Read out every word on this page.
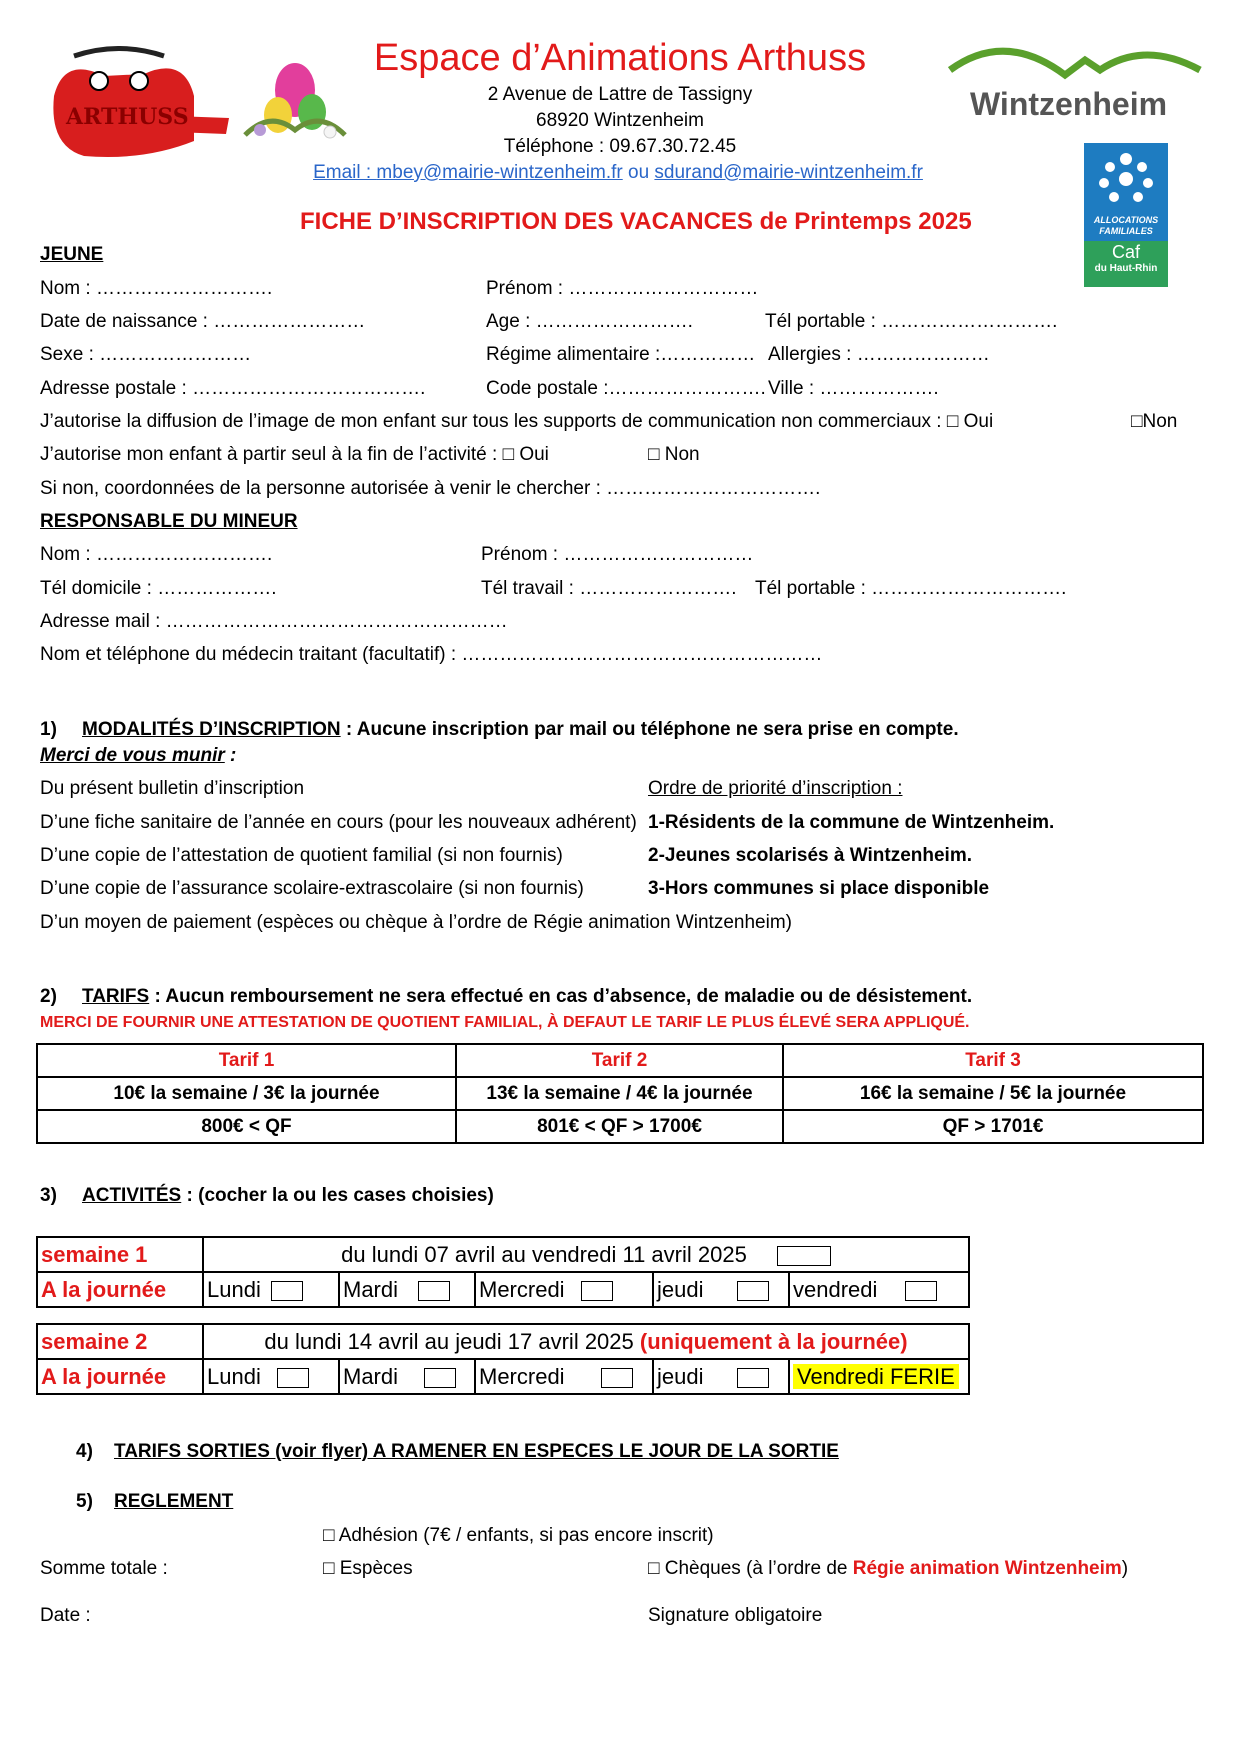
ARTHUSS	Wintzenheim
ALLOCATIONS
FAMILIALES
Caf
du Haut-Rhin
Espace d’Animations Arthuss
2 Avenue de Lattre de Tassigny
68920 Wintzenheim
Téléphone : 09.67.30.72.45
Email : mbey@mairie-wintzenheim.fr ou sdurand@mairie-wintzenheim.fr
FICHE D’INSCRIPTION DES VACANCES de Printemps 2025
JEUNE
Nom : ……………………….	Prénom : …………………………
Date de naissance : ……………………	Age : …………………….	Tél portable : ……………………….
Sexe : ……………………	Régime alimentaire :…………… Allergies : …………………
Adresse postale : ……………………………….	Code postale :……………………. Ville : ……………….
J’autorise la diffusion de l’image de mon enfant sur tous les supports de communication non commerciaux : □ Oui	□Non
J’autorise mon enfant à partir seul à la fin de l’activité : □ Oui	□ Non
Si non, coordonnées de la personne autorisée à venir le chercher : …………………………….
RESPONSABLE DU MINEUR
Nom : ……………………….	Prénom : …………………………
Tél domicile : ……………….	Tél travail : ……………………. Tél portable : ………………………….
Adresse mail : ………………………………………………
Nom et téléphone du médecin traitant (facultatif) : …………………………………………………
1) MODALITÉS D’INSCRIPTION : Aucune inscription par mail ou téléphone ne sera prise en compte.
Merci de vous munir :
Du présent bulletin d’inscription
D’une fiche sanitaire de l’année en cours (pour les nouveaux adhérent)
D’une copie de l’attestation de quotient familial (si non fournis)
D’une copie de l’assurance scolaire-extrascolaire (si non fournis)
D’un moyen de paiement (espèces ou chèque à l’ordre de Régie animation Wintzenheim)
Ordre de priorité d’inscription :
1-Résidents de la commune de Wintzenheim.
2-Jeunes scolarisés à Wintzenheim.
3-Hors communes si place disponible
2) TARIFS : Aucun remboursement ne sera effectué en cas d’absence, de maladie ou de désistement.
MERCI DE FOURNIR UNE ATTESTATION DE QUOTIENT FAMILIAL, À DEFAUT LE TARIF LE PLUS ÉLEVÉ SERA APPLIQUÉ.
Tarif 1	Tarif 2	Tarif 3
10€ la semaine / 3€ la journée	13€ la semaine / 4€ la journée	16€ la semaine / 5€ la journée
800€ < QF	801€ < QF > 1700€	QF > 1701€
3) ACTIVITÉS : (cocher la ou les cases choisies)
semaine 1	du lundi 07 avril au vendredi 11 avril 2025				
A la journée	Lundi	Mardi	Mercredi	jeudi	vendredi
semaine 2	du lundi 14 avril au jeudi 17 avril 2025 (uniquement à la journée)				
A la journée	Lundi	Mardi	Mercredi	jeudi	Vendredi FERIE
4) TARIFS SORTIES (voir flyer) A RAMENER EN ESPECES LE JOUR DE LA SORTIE
5) REGLEMENT
□ Adhésion (7€ / enfants, si pas encore inscrit)
Somme totale :	□ Espèces	□ Chèques (à l’ordre de Régie animation Wintzenheim)
Date :	Signature obligatoire
